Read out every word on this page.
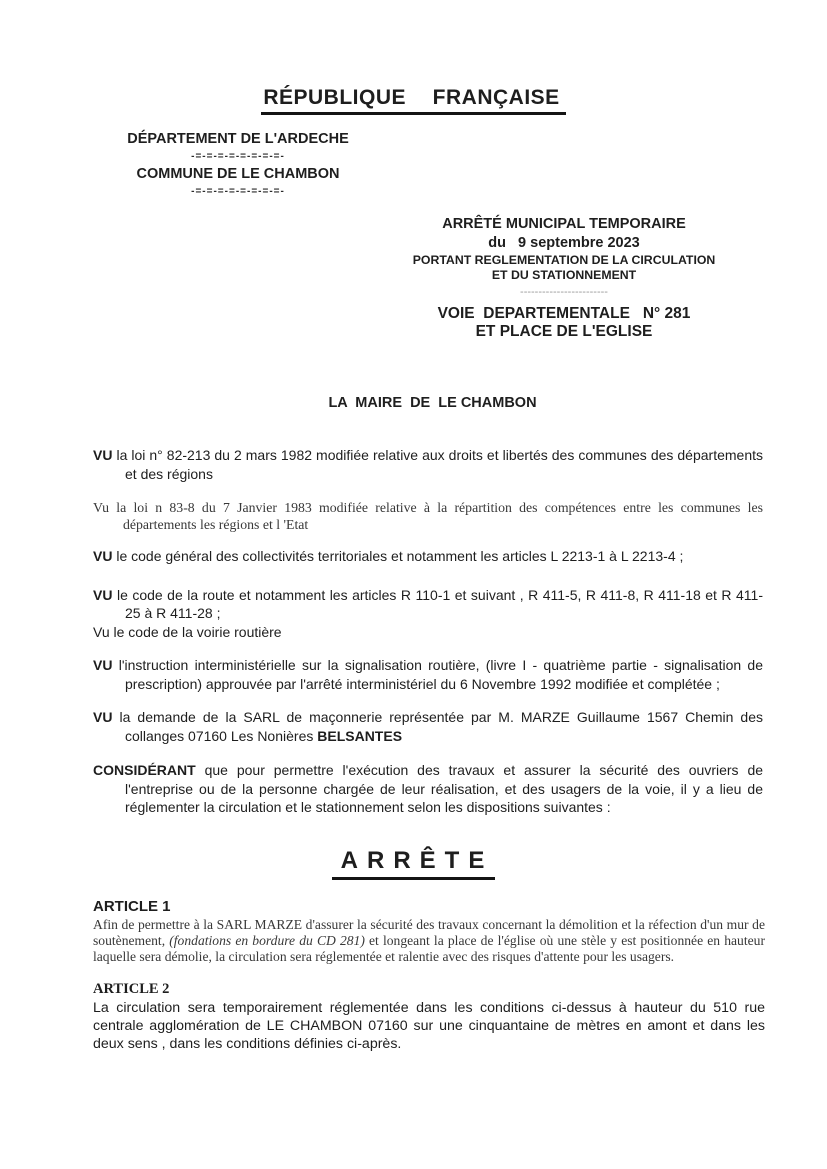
RÉPUBLIQUE  FRANÇAISE
DÉPARTEMENT DE L'ARDECHE
-=-=-=-=-=-=-=-=-
COMMUNE DE LE CHAMBON
-=-=-=-=-=-=-=-=-
ARRÊTÉ MUNICIPAL TEMPORAIRE
du   9 septembre 2023
PORTANT REGLEMENTATION DE LA CIRCULATION
ET DU STATIONNEMENT
------------------------
VOIE  DEPARTEMENTALE   N° 281
ET PLACE DE L'EGLISE
LA  MAIRE  DE  LE CHAMBON

VU la loi n° 82-213 du 2 mars 1982 modifiée relative aux droits et libertés des communes des départements et des régions

Vu la loi n 83-8 du 7 Janvier 1983 modifiée relative à la répartition des compétences entre les communes les départements les régions et l 'Etat

VU le code général des collectivités territoriales et notamment les articles L 2213-1 à L 2213-4 ;

VU le code de la route et notamment les articles R 110-1 et suivant , R 411-5, R 411-8, R 411-18 et R 411-25 à R 411-28 ;

Vu le code de la voirie routière

VU l'instruction interministérielle sur la signalisation routière, (livre I - quatrième partie - signalisation de prescription) approuvée par l'arrêté interministériel du 6 Novembre 1992 modifiée et complétée ;

VU la demande de la SARL de maçonnerie représentée par M. MARZE Guillaume 1567 Chemin des collanges 07160 Les Nonières BELSANTES

CONSIDÉRANT que pour permettre l'exécution des travaux et assurer la sécurité des ouvriers de l'entreprise ou de la personne chargée de leur réalisation, et des usagers de la voie, il y a lieu de réglementer la circulation et le stationnement selon les dispositions suivantes :

ARRÊTE
ARTICLE 1

Afin de permettre à la SARL MARZE d'assurer la sécurité des travaux concernant la démolition et la réfection d'un mur de soutènement, (fondations en bordure du CD 281) et longeant la place de l'église où une stèle y est positionnée en hauteur laquelle sera démolie, la circulation sera réglementée et ralentie avec des risques d'attente pour les usagers.

ARTICLE 2

La circulation sera temporairement réglementée dans les conditions ci-dessus à hauteur du 510 rue centrale agglomération de LE CHAMBON 07160 sur une cinquantaine de mètres en amont et dans les deux sens , dans les conditions définies ci-après.
